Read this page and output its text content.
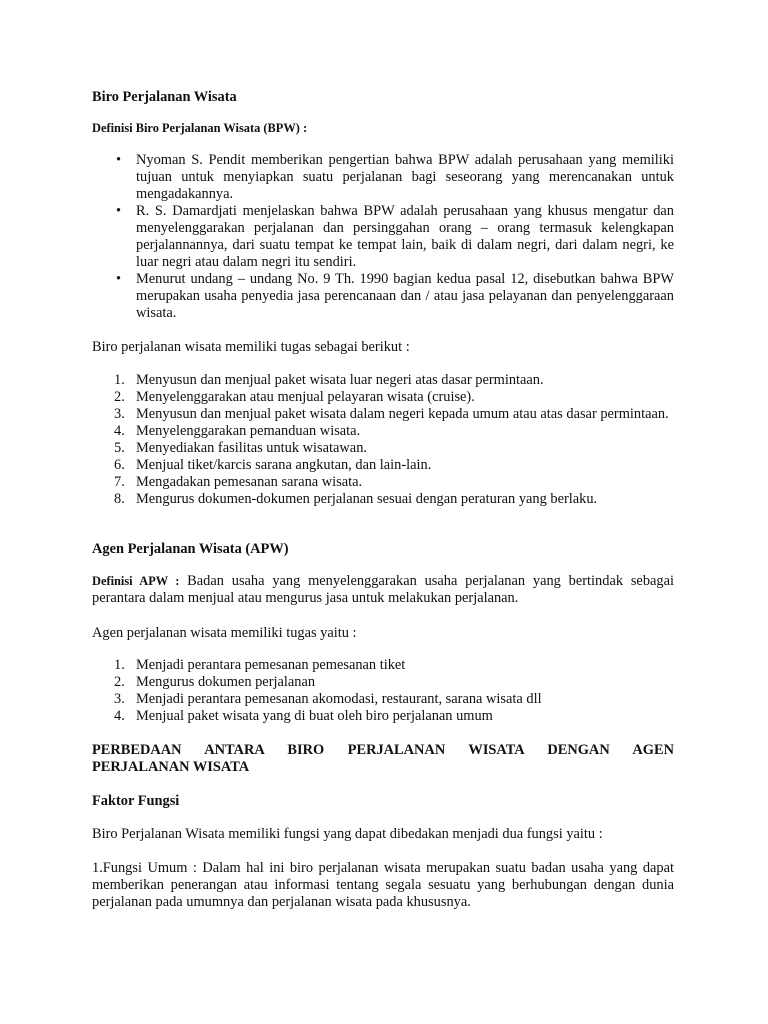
Biro Perjalanan Wisata

Definisi Biro Perjalanan Wisata (BPW) :

• Nyoman S. Pendit memberikan pengertian bahwa BPW adalah perusahaan yang memiliki tujuan untuk menyiapkan suatu perjalanan bagi seseorang yang merencanakan untuk mengadakannya.
• R. S. Damardjati menjelaskan bahwa BPW adalah perusahaan yang khusus mengatur dan menyelenggarakan perjalanan dan persinggahan orang – orang termasuk kelengkapan perjalannannya, dari suatu tempat ke tempat lain, baik di dalam negri, dari dalam negri, ke luar negri atau dalam negri itu sendiri.
• Menurut undang – undang No. 9 Th. 1990 bagian kedua pasal 12, disebutkan bahwa BPW merupakan usaha penyedia jasa perencanaan dan / atau jasa pelayanan dan penyelenggaraan wisata.

Biro perjalanan wisata memiliki tugas sebagai berikut :

1. Menyusun dan menjual paket wisata luar negeri atas dasar permintaan.
2. Menyelenggarakan atau menjual pelayaran wisata (cruise).
3. Menyusun dan menjual paket wisata dalam negeri kepada umum atau atas dasar permintaan.
4. Menyelenggarakan pemanduan wisata.
5. Menyediakan fasilitas untuk wisatawan.
6. Menjual tiket/karcis sarana angkutan, dan lain-lain.
7. Mengadakan pemesanan sarana wisata.
8. Mengurus dokumen-dokumen perjalanan sesuai dengan peraturan yang berlaku.
Agen Perjalanan Wisata (APW)

Definisi APW : Badan usaha yang menyelenggarakan usaha perjalanan yang bertindak sebagai perantara dalam menjual atau mengurus jasa untuk melakukan perjalanan.

Agen perjalanan wisata memiliki tugas yaitu :

1. Menjadi perantara pemesanan pemesanan tiket
2. Mengurus dokumen perjalanan
3. Menjadi perantara pemesanan akomodasi, restaurant, sarana wisata dll
4. Menjual paket wisata yang di buat oleh biro perjalanan umum
PERBEDAAN ANTARA BIRO PERJALANAN WISATA DENGAN AGEN
PERJALANAN WISATA
Faktor Fungsi

Biro Perjalanan Wisata memiliki fungsi yang dapat dibedakan menjadi dua fungsi yaitu :

1.Fungsi Umum : Dalam hal ini biro perjalanan wisata merupakan suatu badan usaha yang dapat memberikan penerangan atau informasi tentang segala sesuatu yang berhubungan dengan dunia perjalanan pada umumnya dan perjalanan wisata pada khususnya.
